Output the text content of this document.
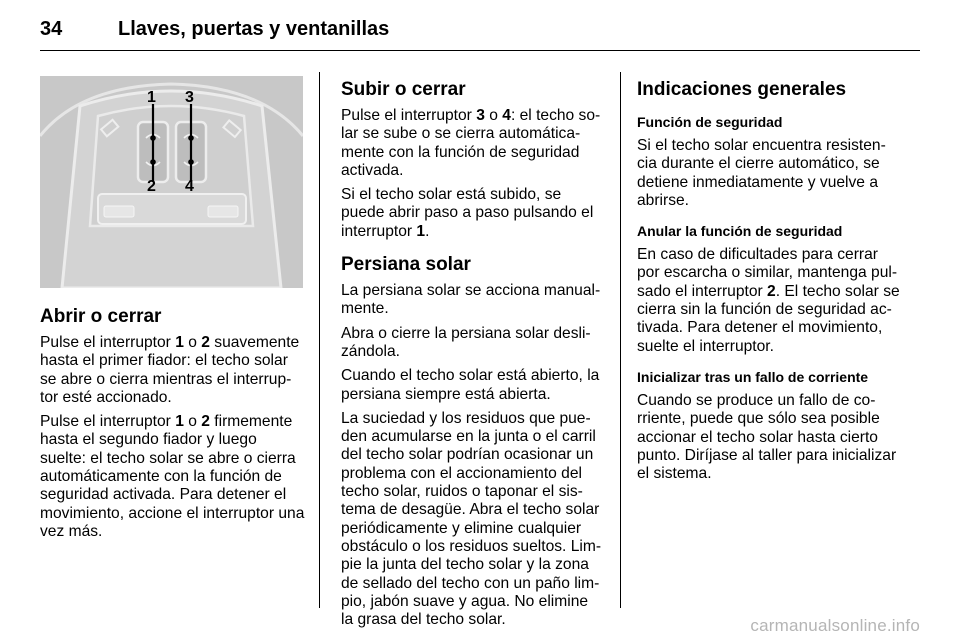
34	Llaves, puertas y ventanillas
1 3
2 4

Abrir o cerrar

Pulse el interruptor 1 o 2 suavemente hasta el primer fiador: el techo solar se abre o cierra mientras el interrup-tor esté accionado.

Pulse el interruptor 1 o 2 firmemente hasta el segundo fiador y luego suelte: el techo solar se abre o cierra automáticamente con la función de seguridad activada. Para detener el movimiento, accione el interruptor una vez más.

Subir o cerrar

Pulse el interruptor 3 o 4: el techo so-lar se sube o se cierra automática-mente con la función de seguridad activada.

Si el techo solar está subido, se puede abrir paso a paso pulsando el interruptor 1.

Persiana solar

La persiana solar se acciona manual-mente.

Abra o cierre la persiana solar desli-zándola.

Cuando el techo solar está abierto, la persiana siempre está abierta.

La suciedad y los residuos que pue-den acumularse en la junta o el carril del techo solar podrían ocasionar un problema con el accionamiento del techo solar, ruidos o taponar el sis-tema de desagüe. Abra el techo solar periódicamente y elimine cualquier obstáculo o los residuos sueltos. Lim-pie la junta del techo solar y la zona de sellado del techo con un paño lim-pio, jabón suave y agua. No elimine la grasa del techo solar.

Indicaciones generales

Función de seguridad

Si el techo solar encuentra resisten-cia durante el cierre automático, se detiene inmediatamente y vuelve a abrirse.

Anular la función de seguridad

En caso de dificultades para cerrar por escarcha o similar, mantenga pul-sado el interruptor 2. El techo solar se cierra sin la función de seguridad ac-tivada. Para detener el movimiento, suelte el interruptor.

Inicializar tras un fallo de corriente

Cuando se produce un fallo de co-rriente, puede que sólo sea posible accionar el techo solar hasta cierto punto. Diríjase al taller para inicializar el sistema.

carmanualsonline.info
